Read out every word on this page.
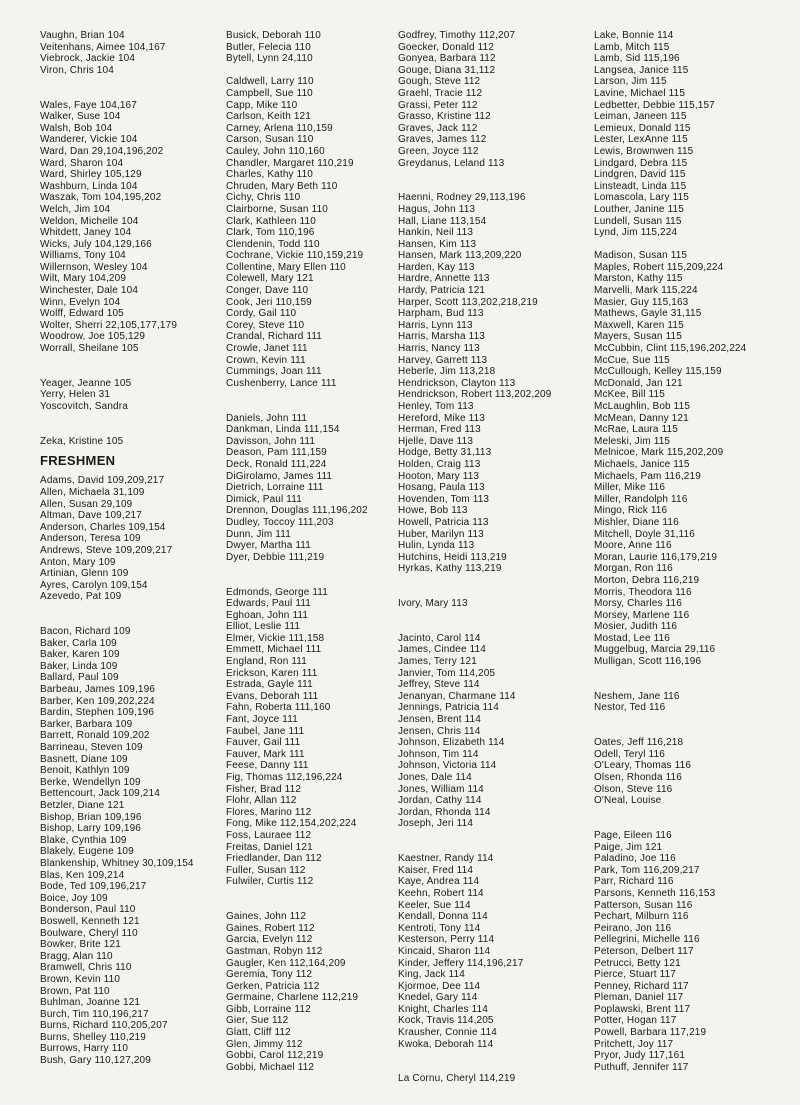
Vaughn, Brian 104
Veitenhans, Aimee 104,167
Viebrock, Jackie 104
Viron, Chris 104
Wales, Faye 104,167
Walker, Suse 104
Walsh, Bob 104
Wanderer, Vickie 104
Ward, Dan 29,104,196,202
Ward, Sharon 104
Ward, Shirley 105,129
Washburn, Linda 104
Waszak, Tom 104,195,202
Welch, Jim 104
Weldon, Michelle 104
Whitdett, Janey 104
Wicks, July 104,129,166
Williams, Tony 104
Willernson, Wesley 104
Wilt, Mary 104,209
Winchester, Dale 104
Winn, Evelyn 104
Wolff, Edward 105
Wolter, Sherri 22,105,177,179
Woodrow, Joe 105,129
Worrall, Sheilane 105
Yeager, Jeanne 105
Yerry, Helen 31
Yoscovitch, Sandra
Zeka, Kristine 105
FRESHMEN
Adams, David 109,209,217
Allen, Michaela 31,109
Allen, Susan 29,109
Altman, Dave 109,217
Anderson, Charles 109,154
Anderson, Teresa 109
Andrews, Steve 109,209,217
Anton, Mary 109
Artinian, Glenn 109
Ayres, Carolyn 109,154
Azevedo, Pat 109
Bacon, Richard 109
Baker, Carla 109
Baker, Karen 109
Baker, Linda 109
Ballard, Paul 109
Barbeau, James 109,196
Barber, Ken 109,202,224
Bardin, Stephen 109,196
Barker, Barbara 109
Barrett, Ronald 109,202
Barrineau, Steven 109
Basnett, Diane 109
Benoit, Kathlyn 109
Berke, Wendellyn 109
Bettencourt, Jack 109,214
Betzler, Diane 121
Bishop, Brian 109,196
Bishop, Larry 109,196
Blake, Cynthia 109
Blakely, Eugene 109
Blankenship, Whitney 30,109,154
Blas, Ken 109,214
Bode, Ted 109,196,217
Boice, Joy 109
Bonderson, Paul 110
Boswell, Kenneth 121
Boulware, Cheryl 110
Bowker, Brite 121
Bragg, Alan 110
Bramwell, Chris 110
Brown, Kevin 110
Brown, Pat 110
Buhlman, Joanne 121
Burch, Tim 110,196,217
Burns, Richard 110,205,207
Burns, Shelley 110,219
Burrows, Harry 110
Bush, Gary 110,127,209
Busick, Deborah 110
Butler, Felecia 110
Bytell, Lynn 24,110
Caldwell, Larry 110
Campbell, Sue 110
Capp, Mike 110
Carlson, Keith 121
Carney, Arlena 110,159
Carson, Susan 110
Cauley, John 110,160
Chandler, Margaret 110,219
Charles, Kathy 110
Chruden, Mary Beth 110
Cichy, Chris 110
Clairborne, Susan 110
Clark, Kathleen 110
Clark, Tom 110,196
Clendenin, Todd 110
Cochrane, Vickie 110,159,219
Collentine, Mary Ellen 110
Colewell, Mary 121
Conger, Dave 110
Cook, Jeri 110,159
Cordy, Gail 110
Corey, Steve 110
Crandal, Richard 111
Crowle, Janet 111
Crown, Kevin 111
Cummings, Joan 111
Cushenberry, Lance 111
Daniels, John 111
Dankman, Linda 111,154
Davisson, John 111
Deason, Pam 111,159
Deck, Ronald 111,224
DiGirolamo, James 111
Dietrich, Lorraine 111
Dimick, Paul 111
Drennon, Douglas 111,196,202
Dudley, Toccoy 111,203
Dunn, Jim 111
Dwyer, Martha 111
Dyer, Debbie 111,219
Edmonds, George 111
Edwards, Paul 111
Eghoan, John 111
Elliot, Leslie 111
Elmer, Vickie 111,158
Emmett, Michael 111
England, Ron 111
Erickson, Karen 111
Estrada, Gayle 111
Evans, Deborah 111
Fahn, Roberta 111,160
Fant, Joyce 111
Faubel, Jane 111
Fauver, Gail 111
Fauver, Mark 111
Feese, Danny 111
Fig, Thomas 112,196,224
Fisher, Brad 112
Flohr, Allan 112
Flores, Marino 112
Fong, Mike 112,154,202,224
Foss, Lauraee 112
Freitas, Daniel 121
Friedlander, Dan 112
Fuller, Susan 112
Fulwiler, Curtis 112
Gaines, John 112
Gaines, Robert 112
Garcia, Evelyn 112
Gastman, Robyn 112
Gaugler, Ken 112,164,209
Geremia, Tony 112
Gerken, Patricia 112
Germaine, Charlene 112,219
Gibb, Lorraine 112
Gier, Sue 112
Glatt, Cliff 112
Glen, Jimmy 112
Gobbi, Carol 112,219
Gobbi, Michael 112
Godfrey, Timothy 112,207
Goecker, Donald 112
Gonyea, Barbara 112
Gouge, Diana 31,112
Gough, Steve 112
Graehl, Tracie 112
Grassi, Peter 112
Grasso, Kristine 112
Graves, Jack 112
Graves, James 112
Green, Joyce 112
Greydanus, Leland 113
Haenni, Rodney 29,113,196
Hagus, John 113
Hall, Liane 113,154
Hankin, Neil 113
Hansen, Kim 113
Hansen, Mark 113,209,220
Harden, Kay 113
Hardre, Annette 113
Hardy, Patricia 121
Harper, Scott 113,202,218,219
Harpham, Bud 113
Harris, Lynn 113
Harris, Marsha 113
Harris, Nancy 113
Harvey, Garrett 113
Heberle, Jim 113,218
Hendrickson, Clayton 113
Hendrickson, Robert 113,202,209
Henley, Tom 113
Hereford, Mike 113
Herman, Fred 113
Hjelle, Dave 113
Hodge, Betty 31,113
Holden, Craig 113
Hooton, Mary 113
Hosang, Paula 113
Hovenden, Tom 113
Howe, Bob 113
Howell, Patricia 113
Huber, Marilyn 113
Hulin, Lynda 113
Hutchins, Heidi 113,219
Hyrkas, Kathy 113,219
Ivory, Mary 113
Jacinto, Carol 114
James, Cindee 114
James, Terry 121
Janvier, Tom 114,205
Jeffrey, Steve 114
Jenanyan, Charmane 114
Jennings, Patricia 114
Jensen, Brent 114
Jensen, Chris 114
Johnson, Elizabeth 114
Johnson, Tim 114
Johnson, Victoria 114
Jones, Dale 114
Jones, William 114
Jordan, Cathy 114
Jordan, Rhonda 114
Joseph, Jeri 114
Kaestner, Randy 114
Kaiser, Fred 114
Kaye, Andrea 114
Keehn, Robert 114
Keeler, Sue 114
Kendall, Donna 114
Kentroti, Tony 114
Kesterson, Perry 114
Kincaid, Sharon 114
Kinder, Jeffery 114,196,217
King, Jack 114
Kjormoe, Dee 114
Knedel, Gary 114
Knight, Charles 114
Kock, Travis 114,205
Krausher, Connie 114
Kwoka, Deborah 114
La Cornu, Cheryl 114,219
Lake, Bonnie 114
Lamb, Mitch 115
Lamb, Sid 115,196
Langsea, Janice 115
Larson, Jim 115
Lavine, Michael 115
Ledbetter, Debbie 115,157
Leiman, Janeen 115
Lemieux, Donald 115
Lester, LexAnne 115
Lewis, Brownwen 115
Lindgard, Debra 115
Lindgren, David 115
Linsteadt, Linda 115
Lomascola, Lary 115
Louther, Janine 115
Lundell, Susan 115
Lynd, Jim 115,224
Madison, Susan 115
Maples, Robert 115,209,224
Marston, Kathy 115
Marvelli, Mark 115,224
Masier, Guy 115,163
Mathews, Gayle 31,115
Maxwell, Karen 115
Mayers, Susan 115
McCubbin, Clint 115,196,202,224
McCue, Sue 115
McCullough, Kelley 115,159
McDonald, Jan 121
McKee, Bill 115
McLaughlin, Bob 115
McMean, Danny 121
McRae, Laura 115
Meleski, Jim 115
Melnicoe, Mark 115,202,209
Michaels, Janice 115
Michaels, Pam 116,219
Miller, Mike 116
Miller, Randolph 116
Mingo, Rick 116
Mishler, Diane 116
Mitchell, Doyle 31,116
Moore, Anne 116
Moran, Laurie 116,179,219
Morgan, Ron 116
Morton, Debra 116,219
Morris, Theodora 116
Morsy, Charles 116
Morsey, Marlene 116
Mosier, Judith 116
Mostad, Lee 116
Muggelbug, Marcia 29,116
Mulligan, Scott 116,196
Neshem, Jane 116
Nestor, Ted 116
Oates, Jeff 116,218
Odell, Teryl 116
O'Leary, Thomas 116
Olsen, Rhonda 116
Olson, Steve 116
O'Neal, Louise
Page, Eileen 116
Paige, Jim 121
Paladino, Joe 116
Park, Tom 116,209,217
Parr, Richard 116
Parsons, Kenneth 116,153
Patterson, Susan 116
Pechart, Milburn 116
Peirano, Jon 116
Pellegrini, Michelle 116
Peterson, Delbert 117
Petrucci, Betty 121
Pierce, Stuart 117
Penney, Richard 117
Pleman, Daniel 117
Poplawski, Brent 117
Potter, Hogan 117
Powell, Barbara 117,219
Pritchett, Joy 117
Pryor, Judy 117,161
Puthuff, Jennifer 117
